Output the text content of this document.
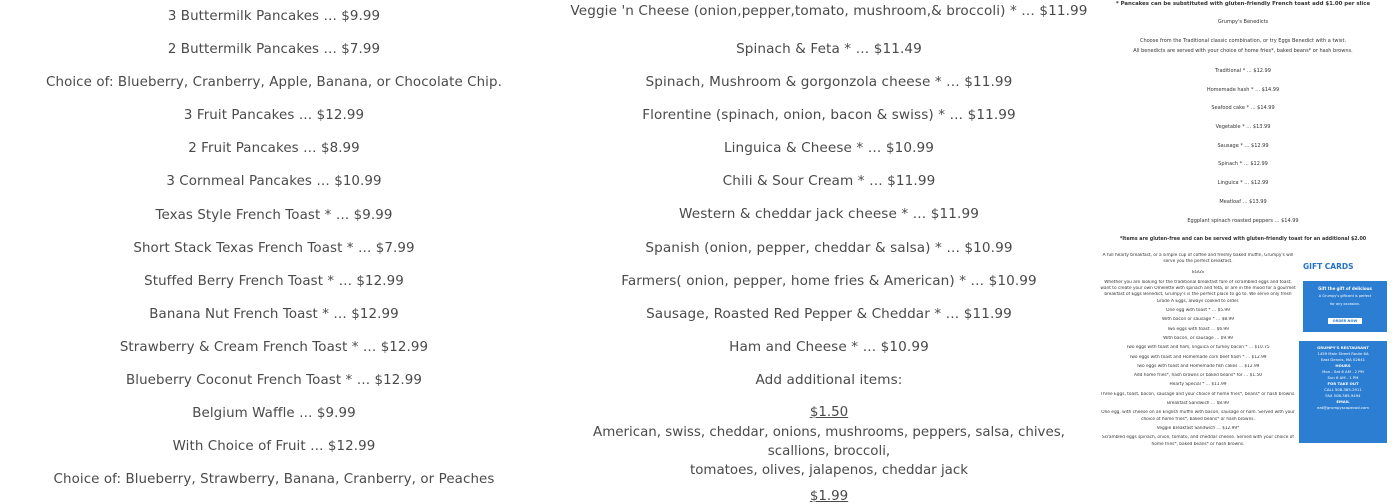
3 Buttermilk Pancakes … $9.99
2 Buttermilk Pancakes … $7.99
Choice of: Blueberry, Cranberry, Apple, Banana, or Chocolate Chip.
3 Fruit Pancakes … $12.99
2 Fruit Pancakes … $8.99
3 Cornmeal Pancakes … $10.99
Texas Style French Toast * … $9.99
Short Stack Texas French Toast * … $7.99
Stuffed Berry French Toast * … $12.99
Banana Nut French Toast * … $12.99
Strawberry & Cream French Toast * … $12.99
Blueberry Coconut French Toast * … $12.99
Belgium Waffle … $9.99
With Choice of Fruit … $12.99
Choice of: Blueberry, Strawberry, Banana, Cranberry, or Peaches
Veggie 'n Cheese (onion,pepper,tomato, mushroom,& broccoli) * … $11.99
Spinach & Feta * … $11.49
Spinach, Mushroom & gorgonzola cheese * … $11.99
Florentine (spinach, onion, bacon & swiss) * … $11.99
Linguica & Cheese * … $10.99
Chili & Sour Cream * … $11.99
Western & cheddar jack cheese * … $11.99
Spanish (onion, pepper, cheddar & salsa) * … $10.99
Farmers( onion, pepper, home fries & American) * … $10.99
Sausage, Roasted Red Pepper & Cheddar * … $11.99
Ham and Cheese * … $10.99
Add additional items:
$1.50
American, swiss, cheddar, onions, mushrooms, peppers, salsa, chives, scallions, broccoli,
tomatoes, olives, jalapenos, cheddar jack
$1.99
* Pancakes can be substituted with gluten-friendly French toast add $1.00 per slice
Grumpy's Benedicts
Choose from the Traditional classic combination, or try Eggs Benedict with a twist.
All benedicts are served with your choice of home fries*, baked beans* or hash browns.
Traditional * … $12.99
Homemade hash * … $14.99
Seafood cake * … $14.99
Vegetable * … $13.99
Sausage * … $12.99
Spinach * … $12.99
Linguica * … $12.99
Meatloaf … $13.99
Eggplant spinach roasted peppers … $14.99
*Items are gluten-free and can be served with gluten-friendly toast for an additional $2.00
A full hearty breakfast, or a simple cup of coffee and freshly baked muffin, Grumpy's will
serve you the perfect breakfast.
EGGS
Whether you are looking for the traditional breakfast fare of scrambled eggs and toast,
want to create your own Omelette with spinach and feta, or are in the mood for a gourmet
breakfast of Eggs Benedict, Grumpy's is the perfect place to go to. We serve only fresh
Grade A Eggs, always cooked to order.
One egg with toast * … $5.99
With bacon or sausage * … $8.99
Two eggs with toast … $6.99
With bacon, or sausage … $9.99
Two eggs with toast and ham, linguica or turkey bacon * … $10.75
Two eggs with toast and Homemade corn beef hash * … $12.99
Two eggs with toast and Homemade fish cakes … $12.99
Add home fries*, hash browns or baked beans* for … $1.50
Hearty Special * … $11.99
Three Eggs, toast, bacon, sausage and your choice of home fries*, beans* or hash browns.
Breakfast Sandwich … $8.99
One egg, with cheese on an English muffin with bacon, sausage or ham. Served with your
choice of home fries*, baked beans* or hash browns.
Veggie Breakfast Sandwich … $12.99*
Scrambled eggs spinach, onion, tomato, and cheddar cheese. Served with your choice of
home fries*, baked beans* or hash browns.
GIFT CARDS
Gift the gift of delicious
A Grumpy's giftcard is perfect
for any occasion.
ORDER NOW
GRUMPY'S RESTAURANT
1459 Main Street Route 6A
East Dennis, MA 02641
HOURS
Mon - Sat 6 AM - 2 PM
Sun 6 AM - 1 PM
FOR TAKE OUT
CALL 508-385-2911
FAX 508-385-9494
EMAIL
eat@grumpyscapecod.com
